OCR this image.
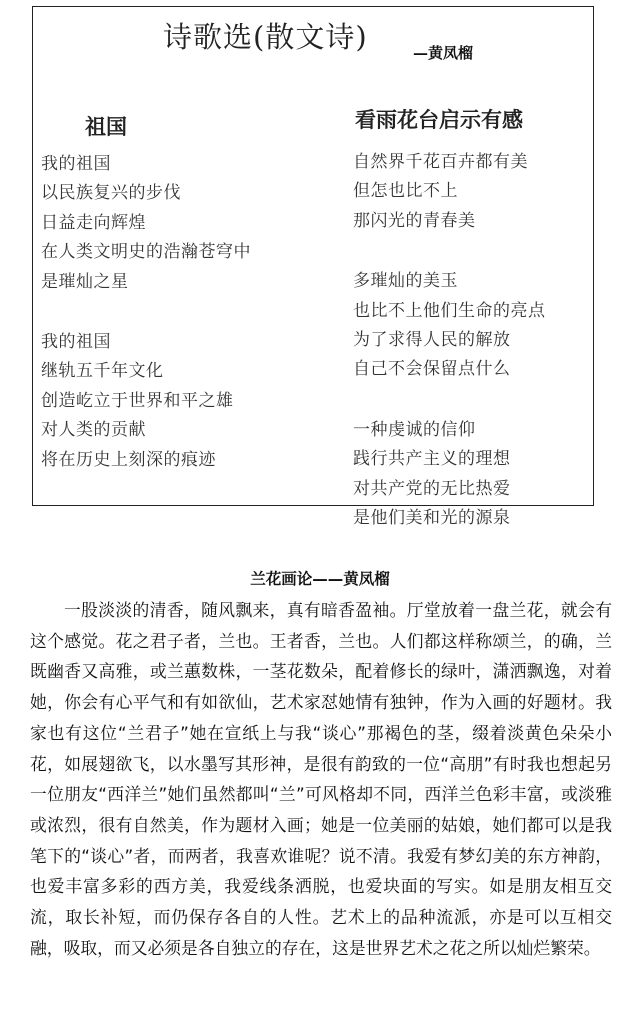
诗歌选(散文诗)	—黄凤榴
祖国
我的祖国
以民族复兴的步伐
日益走向辉煌
在人类文明史的浩瀚苍穹中
是璀灿之星
我的祖国
继轨五千年文化
创造屹立于世界和平之雄
对人类的贡献
将在历史上刻深的痕迹
看雨花台启示有感
自然界千花百卉都有美
但怎也比不上
那闪光的青春美
多璀灿的美玉
也比不上他们生命的亮点
为了求得人民的解放
自己不会保留点什么
一种虔诚的信仰
践行共产主义的理想
对共产党的无比热爱
是他们美和光的源泉
兰花画论——黄凤榴

一股淡淡的清香，随风飘来，真有暗香盈袖。厅堂放着一盘兰花，就会有这个感觉。花之君子者，兰也。王者香，兰也。人们都这样称颂兰，的确，兰既幽香又高雅，或兰蕙数株，一茎花数朵，配着修长的绿叶，潇洒飘逸，对着她，你会有心平气和有如欲仙，艺术家怼她情有独钟，作为入画的好题材。我家也有这位“兰君子”她在宣纸上与我“谈心”那褐色的茎，缀着淡黄色朵朵小花，如展翅欲飞，以水墨写其形神，是很有韵致的一位“高朋”有时我也想起另一位朋友“西洋兰”她们虽然都叫“兰”可风格却不同，西洋兰色彩丰富，或淡雅或浓烈，很有自然美，作为题材入画；她是一位美丽的姑娘，她们都可以是我笔下的“谈心”者，而两者，我喜欢谁呢？说不清。我爱有梦幻美的东方神韵，也爱丰富多彩的西方美，我爱线条洒脱，也爱块面的写实。如是朋友相互交流，取长补短，而仍保存各自的人性。艺术上的品种流派，亦是可以互相交融，吸取，而又必须是各自独立的存在，这是世界艺术之花之所以灿烂繁荣。
